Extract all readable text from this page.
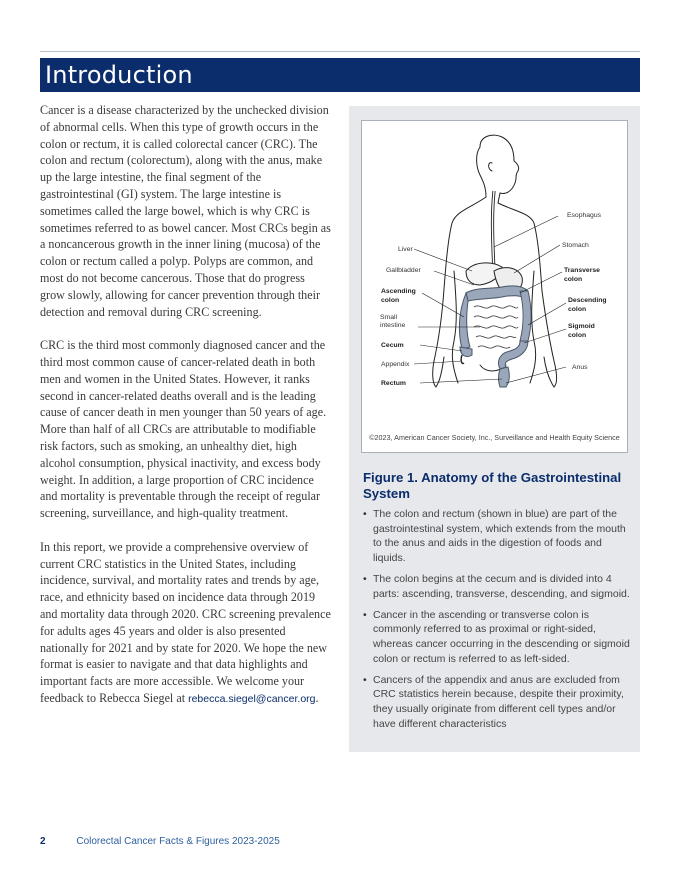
Introduction

Cancer is a disease characterized by the unchecked division of abnormal cells. When this type of growth occurs in the colon or rectum, it is called colorectal cancer (CRC). The colon and rectum (colorectum), along with the anus, make up the large intestine, the final segment of the gastrointestinal (GI) system. The large intestine is sometimes called the large bowel, which is why CRC is sometimes referred to as bowel cancer. Most CRCs begin as a noncancerous growth in the inner lining (mucosa) of the colon or rectum called a polyp. Polyps are common, and most do not become cancerous. Those that do progress grow slowly, allowing for cancer prevention through their detection and removal during CRC screening.

CRC is the third most commonly diagnosed cancer and the third most common cause of cancer-related death in both men and women in the United States. However, it ranks second in cancer-related deaths overall and is the leading cause of cancer death in men younger than 50 years of age. More than half of all CRCs are attributable to modifiable risk factors, such as smoking, an unhealthy diet, high alcohol consumption, physical inactivity, and excess body weight. In addition, a large proportion of CRC incidence and mortality is preventable through the receipt of regular screening, surveillance, and high-quality treatment.

In this report, we provide a comprehensive overview of current CRC statistics in the United States, including incidence, survival, and mortality rates and trends by age, race, and ethnicity based on incidence data through 2019 and mortality data through 2020. CRC screening prevalence for adults ages 45 years and older is also presented nationally for 2021 and by state for 2020. We hope the new format is easier to navigate and that data highlights and important facts are more accessible. We welcome your feedback to Rebecca Siegel at rebecca.siegel@cancer.org.

Esophagus
Liver
Stomach
Gallbladder
Small
intestine
Appendix	Anus
Transverse
colon
Ascending
colon	Descending
colon
Sigmoid
colon
Cecum
Rectum
©2023, American Cancer Society, Inc., Surveillance and Health Equity Science
Figure 1. Anatomy of the Gastrointestinal System
• The colon and rectum (shown in blue) are part of the gastrointestinal system, which extends from the mouth to the anus and aids in the digestion of foods and liquids.
• The colon begins at the cecum and is divided into 4 parts: ascending, transverse, descending, and sigmoid.
• Cancer in the ascending or transverse colon is commonly referred to as proximal or right-sided, whereas cancer occurring in the descending or sigmoid colon or rectum is referred to as left-sided.
• Cancers of the appendix and anus are excluded from CRC statistics herein because, despite their proximity, they usually originate from different cell types and/or have different characteristics
2	Colorectal Cancer Facts & Figures 2023-2025
